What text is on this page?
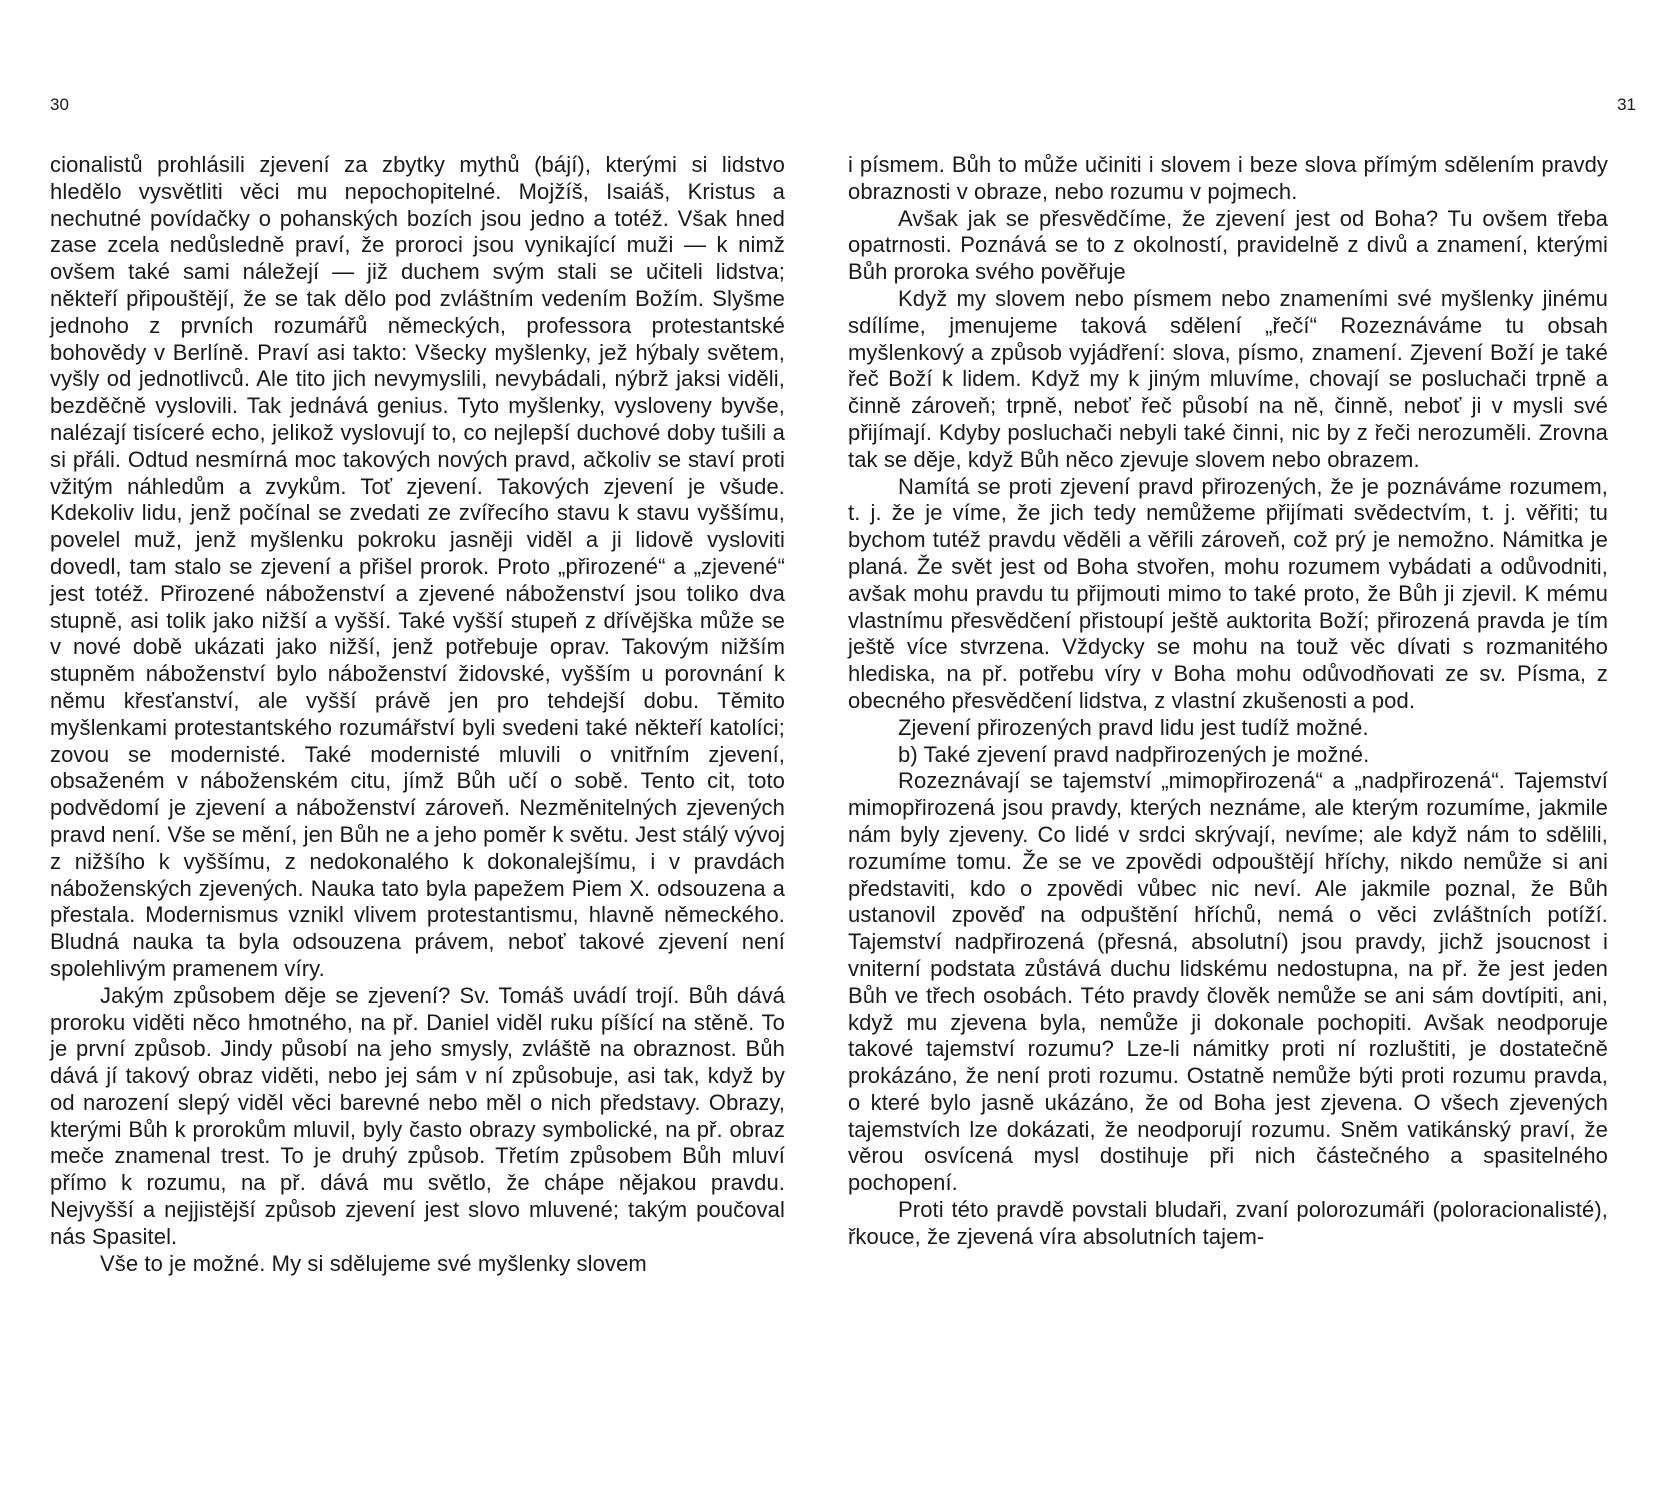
30

cionalistů prohlásili zjevení za zbytky mythů (bájí), kterými si lidstvo hledělo vysvětliti věci mu nepochopitelné. Mojžíš, Isaiáš, Kristus a nechutné povídačky o pohanských bozích jsou jedno a totéž. Však hned zase zcela nedůsledně praví, že proroci jsou vynikající muži — k nimž ovšem také sami náležejí — již duchem svým stali se učiteli lidstva; někteří připouštějí, že se tak dělo pod zvláštním vedením Božím. Slyšme jednoho z prvních rozumářů německých, professora protestantské bohovědy v Berlíně. Praví asi takto: Všecky myšlenky, jež hýbaly světem, vyšly od jednotlivců. Ale tito jich nevymyslili, nevybádali, nýbrž jaksi viděli, bezděčně vyslovili. Tak jednává genius. Tyto myšlenky, vysloveny byvše, nalézají tisíceré echo, jelikož vyslovují to, co nejlepší duchové doby tušili a si přáli. Odtud nesmírná moc takových nových pravd, ačkoliv se staví proti vžitým náhledům a zvykům. Toť zjevení. Takových zjevení je všude. Kdekoliv lidu, jenž počínal se zvedati ze zvířecího stavu k stavu vyššímu, povelel muž, jenž myšlenku pokroku jasněji viděl a ji lidově vysloviti dovedl, tam stalo se zjevení a přišel prorok. Proto „přirozené“ a „zjevené“ jest totéž. Přirozené náboženství a zjevené náboženství jsou toliko dva stupně, asi tolik jako nižší a vyšší. Také vyšší stupeň z dřívějška může se v nové době ukázati jako nižší, jenž potřebuje oprav. Takovým nižším stupněm náboženství bylo náboženství židovské, vyšším u porovnání k němu křesťanství, ale vyšší právě jen pro tehdejší dobu. Těmito myšlenkami protestantského rozumářství byli svedeni také někteří katolíci; zovou se modernisté. Také modernisté mluvili o vnitřním zjevení, obsaženém v náboženském citu, jímž Bůh učí o sobě. Tento cit, toto podvědomí je zjevení a náboženství zároveň. Nezměnitelných zjevených pravd není. Vše se mění, jen Bůh ne a jeho poměr k světu. Jest stálý vývoj z nižšího k vyššímu, z nedokonalého k dokonalejšímu, i v pravdách náboženských zjevených. Nauka tato byla papežem Piem X. odsouzena a přestala. Modernismus vznikl vlivem protestantismu, hlavně německého. Bludná nauka ta byla odsouzena právem, neboť takové zjevení není spolehlivým pramenem víry.

Jakým způsobem děje se zjevení? Sv. Tomáš uvádí trojí. Bůh dává proroku viděti něco hmotného, na př. Daniel viděl ruku píšící na stěně. To je první způsob. Jindy působí na jeho smysly, zvláště na obraznost. Bůh dává jí takový obraz viděti, nebo jej sám v ní způsobuje, asi tak, když by od narození slepý viděl věci barevné nebo měl o nich představy. Obrazy, kterými Bůh k prorokům mluvil, byly často obrazy symbolické, na př. obraz meče znamenal trest. To je druhý způsob. Třetím způsobem Bůh mluví přímo k rozumu, na př. dává mu světlo, že chápe nějakou pravdu. Nejvyšší a nejjistější způsob zjevení jest slovo mluvené; takým poučoval nás Spasitel.

Vše to je možné. My si sdělujeme své myšlenky slovem

31

i písmem. Bůh to může učiniti i slovem i beze slova přímým sdělením pravdy obraznosti v obraze, nebo rozumu v pojmech.

Avšak jak se přesvědčíme, že zjevení jest od Boha? Tu ovšem třeba opatrnosti. Poznává se to z okolností, pravidelně z divů a znamení, kterými Bůh proroka svého pověřuje

Když my slovem nebo písmem nebo znameními své myšlenky jinému sdílíme, jmenujeme taková sdělení „řečí“ Rozeznáváme tu obsah myšlenkový a způsob vyjádření: slova, písmo, znamení. Zjevení Boží je také řeč Boží k lidem. Když my k jiným mluvíme, chovají se posluchači trpně a činně zároveň; trpně, neboť řeč působí na ně, činně, neboť ji v mysli své přijímají. Kdyby posluchači nebyli také činni, nic by z řeči nerozuměli. Zrovna tak se děje, když Bůh něco zjevuje slovem nebo obrazem.

Namítá se proti zjevení pravd přirozených, že je poznáváme rozumem, t. j. že je víme, že jich tedy nemůžeme přijímati svědectvím, t. j. věřiti; tu bychom tutéž pravdu věděli a věřili zároveň, což prý je nemožno. Námitka je planá. Že svět jest od Boha stvořen, mohu rozumem vybádati a odůvodniti, avšak mohu pravdu tu přijmouti mimo to také proto, že Bůh ji zjevil. K mému vlastnímu přesvědčení přistoupí ještě auktorita Boží; přirozená pravda je tím ještě více stvrzena. Vždycky se mohu na touž věc dívati s rozmanitého hlediska, na př. potřebu víry v Boha mohu odůvodňovati ze sv. Písma, z obecného přesvědčení lidstva, z vlastní zkušenosti a pod.

Zjevení přirozených pravd lidu jest tudíž možné.

b) Také zjevení pravd nadpřirozených je možné.

Rozeznávají se tajemství „mimopřirozená“ a „nadpřirozená“. Tajemství mimopřirozená jsou pravdy, kterých neznáme, ale kterým rozumíme, jakmile nám byly zjeveny. Co lidé v srdci skrývají, nevíme; ale když nám to sdělili, rozumíme tomu. Že se ve zpovědi odpouštějí hříchy, nikdo nemůže si ani představiti, kdo o zpovědi vůbec nic neví. Ale jakmile poznal, že Bůh ustanovil zpověď na odpuštění hříchů, nemá o věci zvláštních potíží. Tajemství nadpřirozená (přesná, absolutní) jsou pravdy, jichž jsoucnost i vniterní podstata zůstává duchu lidskému nedostupna, na př. že jest jeden Bůh ve třech osobách. Této pravdy člověk nemůže se ani sám dovtípiti, ani, když mu zjevena byla, nemůže ji dokonale pochopiti. Avšak neodporuje takové tajemství rozumu? Lze-li námitky proti ní rozluštiti, je dostatečně prokázáno, že není proti rozumu. Ostatně nemůže býti proti rozumu pravda, o které bylo jasně ukázáno, že od Boha jest zjevena. O všech zjevených tajemstvích lze dokázati, že neodporují rozumu. Sněm vatikánský praví, že věrou osvícená mysl dostihuje při nich částečného a spasitelného pochopení.

Proti této pravdě povstali bludaři, zvaní polorozumáři (poloracionalisté), řkouce, že zjevená víra absolutních tajem-
